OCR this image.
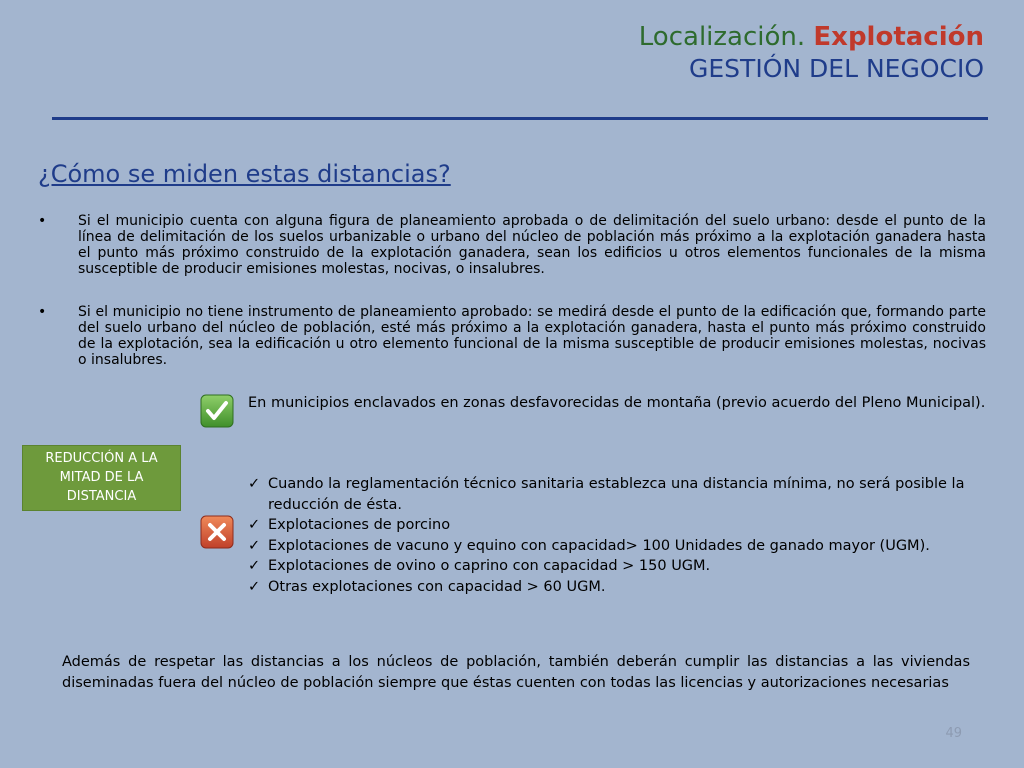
Localización. Explotación
GESTIÓN DEL NEGOCIO
¿Cómo se miden estas distancias?
• Si el municipio cuenta con alguna figura de planeamiento aprobada o de delimitación del suelo urbano: desde el punto de la línea de delimitación de los suelos urbanizable o urbano del núcleo de población más próximo a la explotación ganadera hasta el punto más próximo construido de la explotación ganadera, sean los edificios u otros elementos funcionales de la misma susceptible de producir emisiones molestas, nocivas, o insalubres.
• Si el municipio no tiene instrumento de planeamiento aprobado: se medirá desde el punto de la edificación que, formando parte del suelo urbano del núcleo de población, esté más próximo a la explotación ganadera, hasta el punto más próximo construido de la explotación, sea la edificación u otro elemento funcional de la misma susceptible de producir emisiones molestas, nocivas o insalubres.
En municipios enclavados en zonas desfavorecidas de montaña (previo acuerdo del Pleno Municipal).
REDUCCIÓN A LA MITAD DE LA DISTANCIA
✓ Cuando la reglamentación técnico sanitaria establezca una distancia mínima, no será posible la reducción de ésta.
✓ Explotaciones de porcino
✓ Explotaciones de vacuno y equino con capacidad> 100 Unidades de ganado mayor (UGM).
✓ Explotaciones de ovino o caprino con capacidad > 150 UGM.
✓ Otras explotaciones con capacidad > 60 UGM.
Además de respetar las distancias a los núcleos de población, también deberán cumplir las distancias a las viviendas diseminadas fuera del núcleo de población siempre que éstas cuenten con todas las licencias y autorizaciones necesarias
49
